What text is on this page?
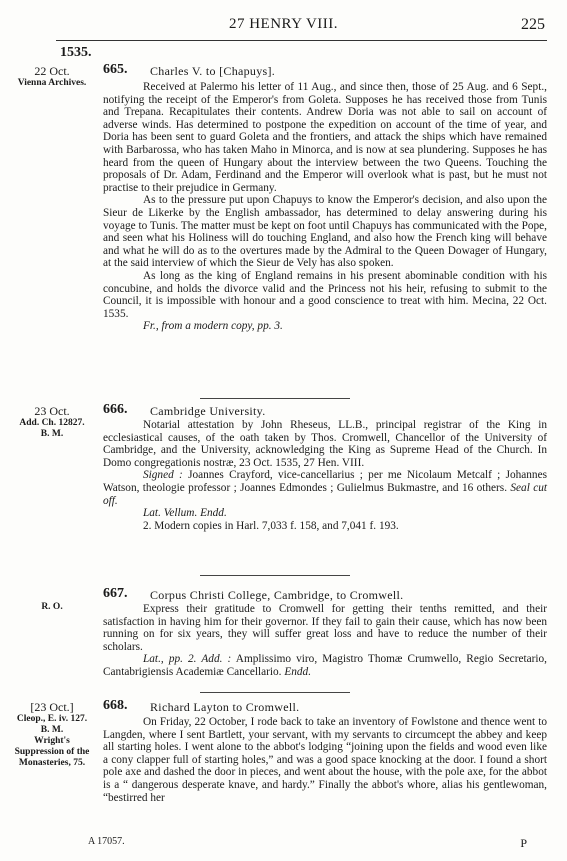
27 HENRY VIII.	225
1535.
22 Oct.
Vienna Archives.
665. Charles V. to [Chapuys].

Received at Palermo his letter of 11 Aug., and since then, those of 25 Aug. and 6 Sept., notifying the receipt of the Emperor's from Goleta. Supposes he has received those from Tunis and Trepana. Recapitulates their contents. Andrew Doria was not able to sail on account of adverse winds. Has determined to postpone the expedition on account of the time of year, and Doria has been sent to guard Goleta and the frontiers, and attack the ships which have remained with Barbarossa, who has taken Maho in Minorca, and is now at sea plundering. Supposes he has heard from the queen of Hungary about the interview between the two Queens. Touching the proposals of Dr. Adam, Ferdinand and the Emperor will overlook what is past, but he must not practise to their prejudice in Germany.

As to the pressure put upon Chapuys to know the Emperor's decision, and also upon the Sieur de Likerke by the English ambassador, has determined to delay answering during his voyage to Tunis. The matter must be kept on foot until Chapuys has communicated with the Pope, and seen what his Holiness will do touching England, and also how the French king will behave and what he will do as to the overtures made by the Admiral to the Queen Dowager of Hungary, at the said interview of which the Sieur de Vely has also spoken.

As long as the king of England remains in his present abominable condition with his concubine, and holds the divorce valid and the Princess not his heir, refusing to submit to the Council, it is impossible with honour and a good conscience to treat with him. Mecina, 22 Oct. 1535.

Fr., from a modern copy, pp. 3.

23 Oct.
Add. Ch. 12827.
B. M.
666. Cambridge University.

Notarial attestation by John Rheseus, LL.B., principal registrar of the King in ecclesiastical causes, of the oath taken by Thos. Cromwell, Chancellor of the University of Cambridge, and the University, acknowledging the King as Supreme Head of the Church. In Domo congregationis nostræ, 23 Oct. 1535, 27 Hen. VIII.

Signed : Joannes Crayford, vice-cancellarius ; per me Nicolaum Metcalf ; Johannes Watson, theologie professor ; Joannes Edmondes ; Gulielmus Bukmastre, and 16 others. Seal cut off.

Lat. Vellum. Endd.

2. Modern copies in Harl. 7,033 f. 158, and 7,041 f. 193.

R. O.
667. Corpus Christi College, Cambridge, to Cromwell.

Express their gratitude to Cromwell for getting their tenths remitted, and their satisfaction in having him for their governor. If they fail to gain their cause, which has now been running on for six years, they will suffer great loss and have to reduce the number of their scholars.

Lat., pp. 2. Add. : Amplissimo viro, Magistro Thomæ Crumwello, Regio Secretario, Cantabrigiensis Academiæ Cancellario. Endd.

[23 Oct.]
Cleop., E. iv. 127.
B. M.
Wright's Suppression of the Monasteries, 75.
668. Richard Layton to Cromwell.

On Friday, 22 October, I rode back to take an inventory of Fowlstone and thence went to Langden, where I sent Bartlett, your servant, with my servants to circumcept the abbey and keep all starting holes. I went alone to the abbot's lodging “joining upon the fields and wood even like a cony clapper full of starting holes,” and was a good space knocking at the door. I found a short pole axe and dashed the door in pieces, and went about the house, with the pole axe, for the abbot is a “ dangerous desperate knave, and hardy.” Finally the abbot's whore, alias his gentlewoman, “bestirred her

A 17057.	P
